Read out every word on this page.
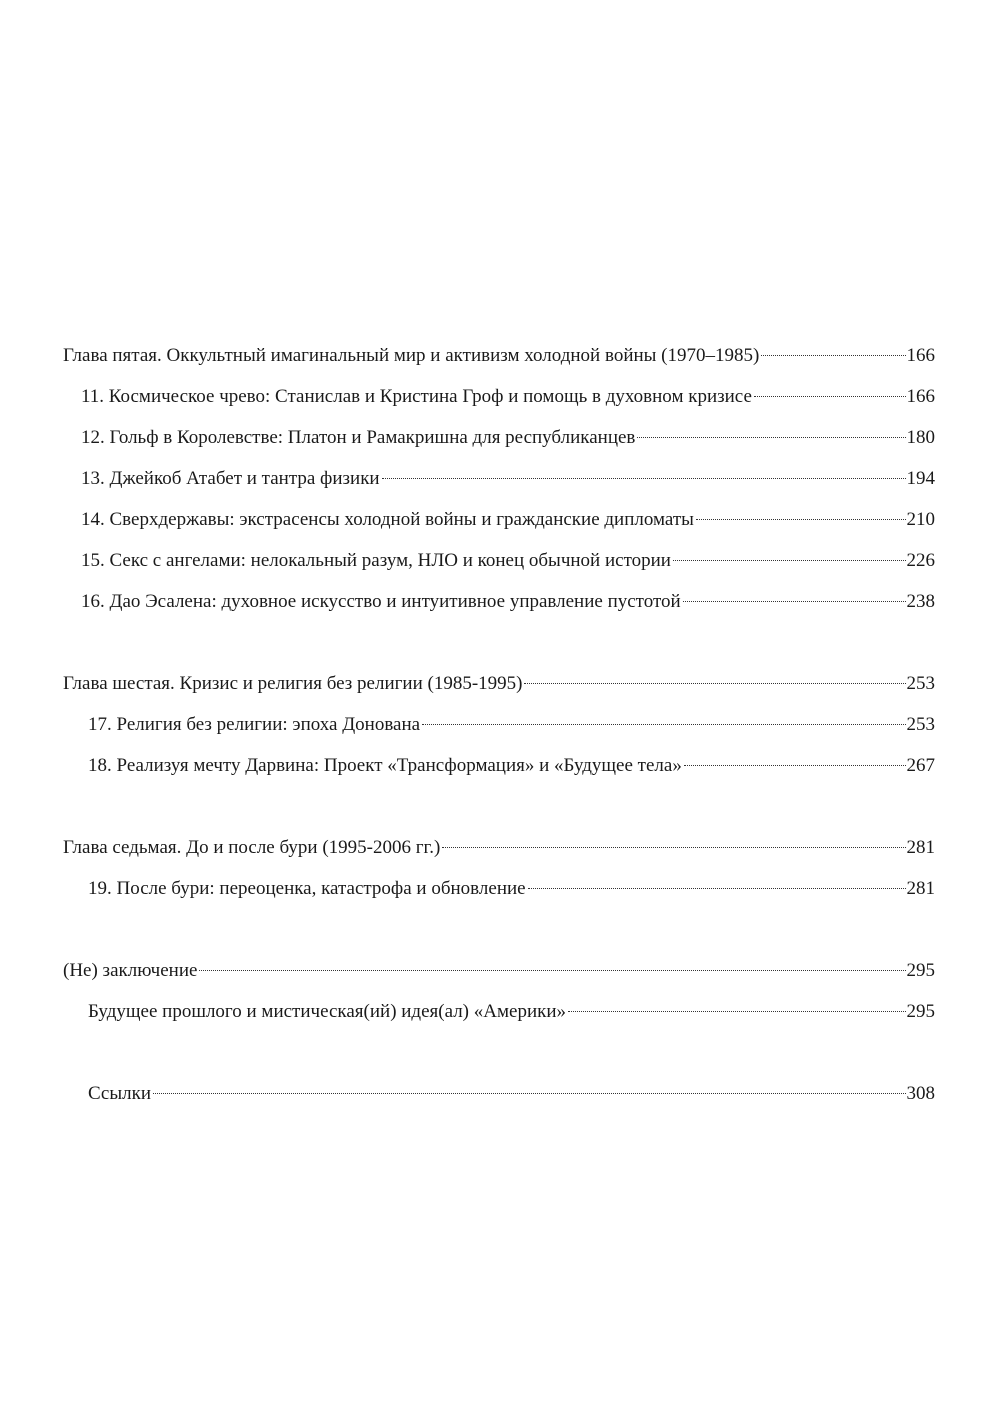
Глава пятая. Оккультный имагинальный мир и активизм холодной войны (1970–1985)	166
11. Космическое чрево: Станислав и Кристина Гроф и помощь в духовном кризисе	166
12. Гольф в Королевстве: Платон и Рамакришна для республиканцев	180
13. Джейкоб Атабет и тантра физики	194
14. Сверхдержавы: экстрасенсы холодной войны и гражданские дипломаты	210
15. Секс с ангелами: нелокальный разум, НЛО и конец обычной истории	226
16. Дао Эсалена: духовное искусство и интуитивное управление пустотой	238
Глава шестая. Кризис и религия без религии (1985-1995)	253
17. Религия без религии: эпоха Донована	253
18. Реализуя мечту Дарвина: Проект «Трансформация» и «Будущее тела»	267
Глава седьмая. До и после бури (1995-2006 гг.)	281
19. После бури: переоценка, катастрофа и обновление	281
(Не) заключение	295
Будущее прошлого и мистическая(ий) идея(ал) «Америки»	295
Ссылки	308
